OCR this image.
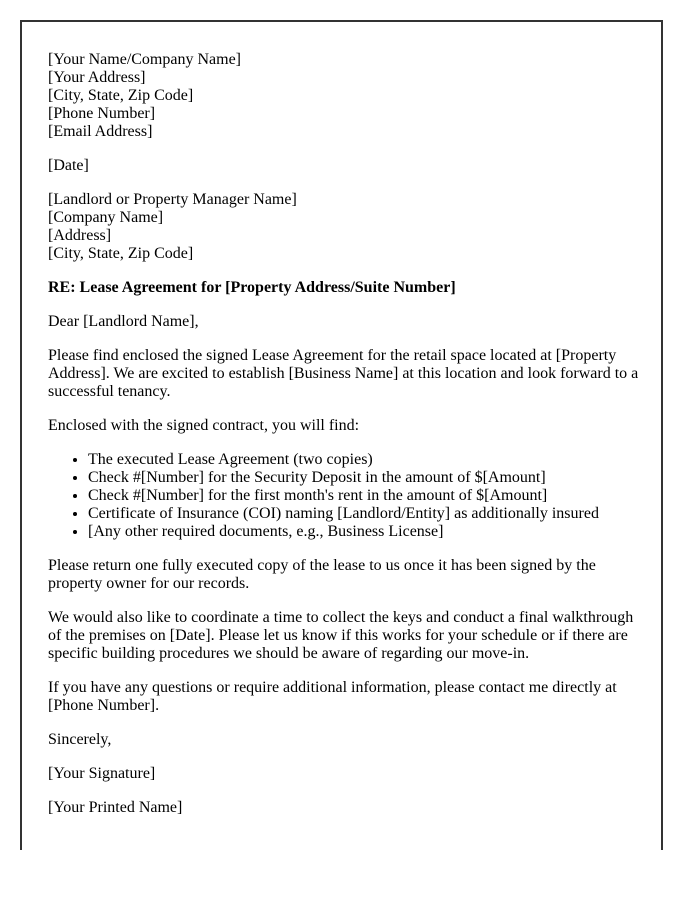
[Your Name/Company Name]
[Your Address]
[City, State, Zip Code]
[Phone Number]
[Email Address]

[Date]

[Landlord or Property Manager Name]
[Company Name]
[Address]
[City, State, Zip Code]

RE: Lease Agreement for [Property Address/Suite Number]

Dear [Landlord Name],

Please find enclosed the signed Lease Agreement for the retail space located at [Property Address]. We are excited to establish [Business Name] at this location and look forward to a successful tenancy.

Enclosed with the signed contract, you will find:

• The executed Lease Agreement (two copies)
• Check #[Number] for the Security Deposit in the amount of $[Amount]
• Check #[Number] for the first month's rent in the amount of $[Amount]
• Certificate of Insurance (COI) naming [Landlord/Entity] as additionally insured
• [Any other required documents, e.g., Business License]

Please return one fully executed copy of the lease to us once it has been signed by the property owner for our records.

We would also like to coordinate a time to collect the keys and conduct a final walkthrough of the premises on [Date]. Please let us know if this works for your schedule or if there are specific building procedures we should be aware of regarding our move-in.

If you have any questions or require additional information, please contact me directly at [Phone Number].

Sincerely,

[Your Signature]

[Your Printed Name]
